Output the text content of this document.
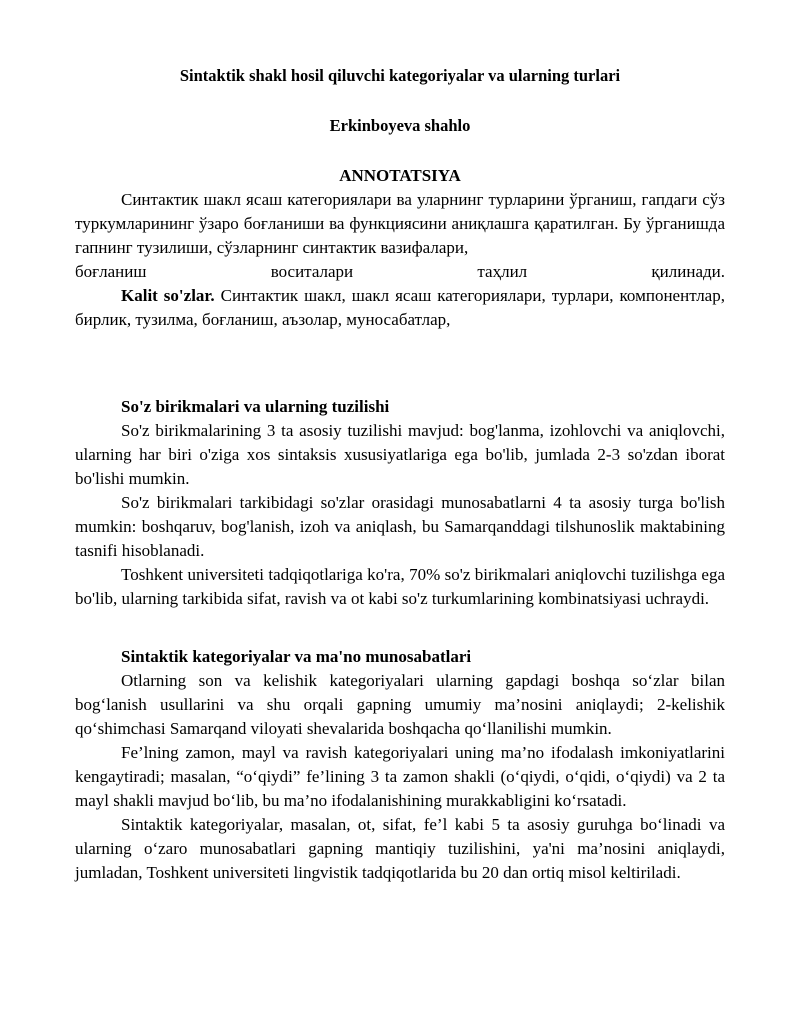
Sintaktik shakl hosil qiluvchi kategoriyalar va ularning turlari

Erkinboyeva shahlo

ANNOTATSIYA

Синтактик шакл ясаш категориялари ва уларнинг турларини ўрганиш, гапдаги сўз туркумларининг ўзаро боғланиши ва функциясини аниқлашга қаратилган. Бу ўрганишда гапнинг тузилиши, сўзларнинг синтактик вазифалари,

боғланиш воситалари таҳлил қилинади.

Kalit so'zlar. Синтактик шакл, шакл ясаш категориялари, турлари, компонентлар, бирлик, тузилма, боғланиш, аъзолар, муносабатлар,

So'z birikmalari va ularning tuzilishi

So'z birikmalarining 3 ta asosiy tuzilishi mavjud: bog'lanma, izohlovchi va aniqlovchi, ularning har biri o'ziga xos sintaksis xususiyatlariga ega bo'lib, jumlada 2-3 so'zdan iborat bo'lishi mumkin.

So'z birikmalari tarkibidagi so'zlar orasidagi munosabatlarni 4 ta asosiy turga bo'lish mumkin: boshqaruv, bog'lanish, izoh va aniqlash, bu Samarqanddagi tilshunoslik maktabining tasnifi hisoblanadi.

Toshkent universiteti tadqiqotlariga ko'ra, 70% so'z birikmalari aniqlovchi tuzilishga ega bo'lib, ularning tarkibida sifat, ravish va ot kabi so'z turkumlarining kombinatsiyasi uchraydi.

Sintaktik kategoriyalar va ma'no munosabatlari

Otlarning son va kelishik kategoriyalari ularning gapdagi boshqa so‘zlar bilan bog‘lanish usullarini va shu orqali gapning umumiy ma’nosini aniqlaydi; 2-kelishik qo‘shimchasi Samarqand viloyati shevalarida boshqacha qo‘llanilishi mumkin.

Fe’lning zamon, mayl va ravish kategoriyalari uning ma’no ifodalash imkoniyatlarini kengaytiradi; masalan, “o‘qiydi” fe’lining 3 ta zamon shakli (o‘qiydi, o‘qidi, o‘qiydi) va 2 ta mayl shakli mavjud bo‘lib, bu ma’no ifodalanishining murakkabligini ko‘rsatadi.

Sintaktik kategoriyalar, masalan, ot, sifat, fe’l kabi 5 ta asosiy guruhga bo‘linadi va ularning o‘zaro munosabatlari gapning mantiqiy tuzilishini, ya'ni ma’nosini aniqlaydi, jumladan, Toshkent universiteti lingvistik tadqiqotlarida bu 20 dan ortiq misol keltiriladi.
